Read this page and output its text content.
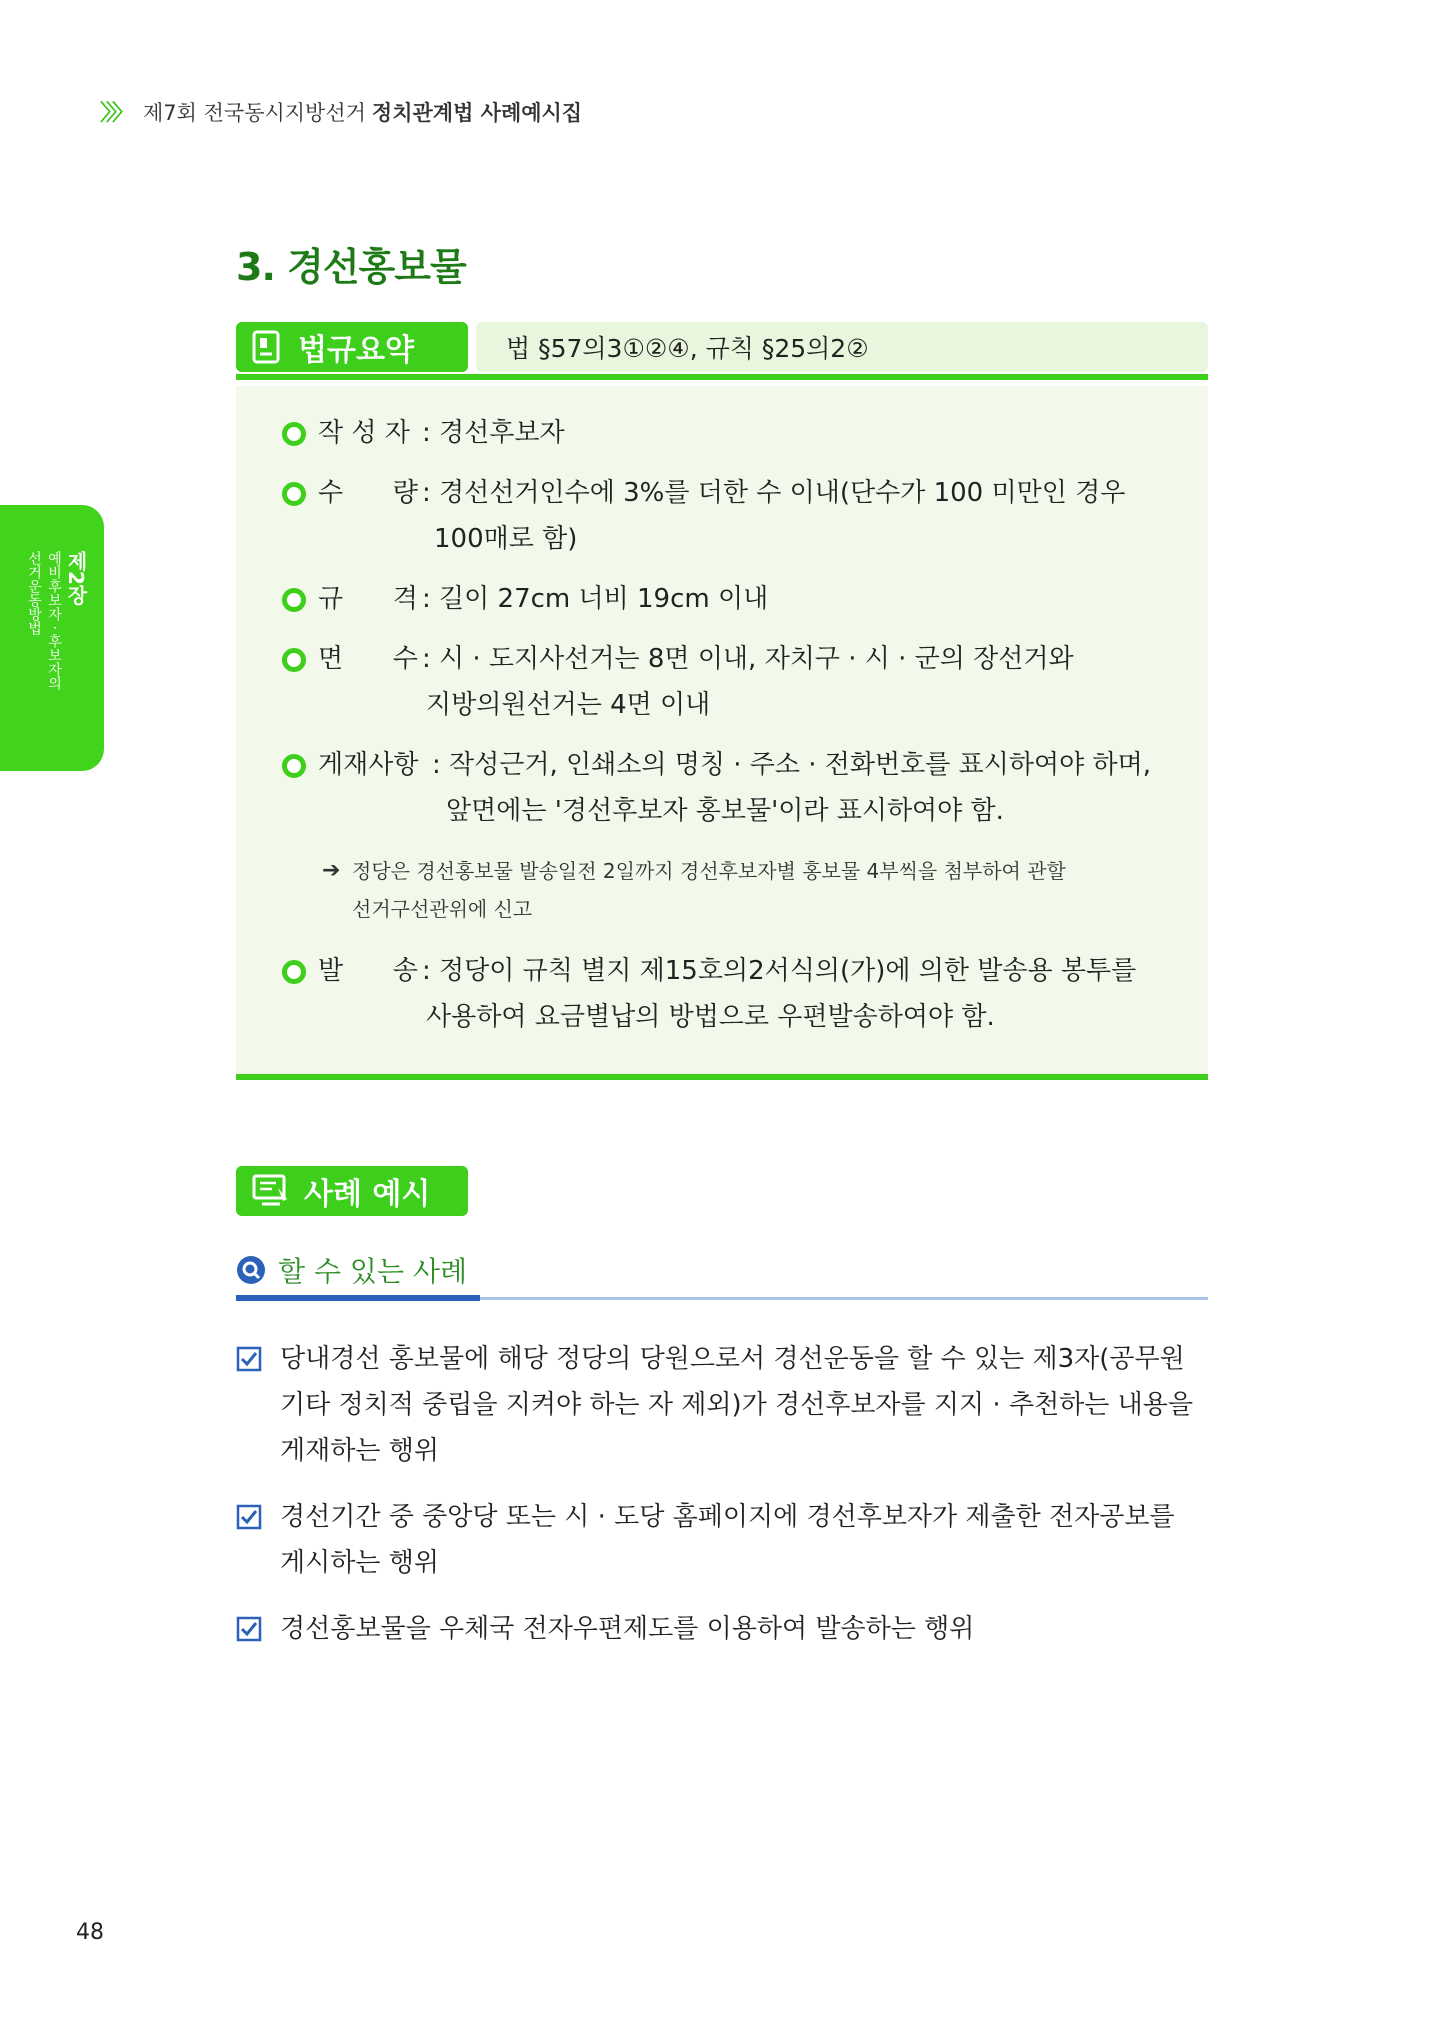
〉〉〉 제7회 전국동시지방선거 정치관계법 사례예시집
제2장
예비후보자 · 후보자의
선거운동방법
3. 경선홍보물
법규요약	법 §57의3①②④, 규칙 §25의2②
작 성 자 : 경선후보자
수      량 : 경선선거인수에 3%를 더한 수 이내(단수가 100 미만인 경우
100매로 함)
규      격 : 길이 27cm 너비 19cm 이내
면      수 : 시 · 도지사선거는 8면 이내, 자치구 · 시 · 군의 장선거와
지방의원선거는 4면 이내
게재사항 : 작성근거, 인쇄소의 명칭 · 주소 · 전화번호를 표시하여야 하며,
앞면에는 '경선후보자 홍보물'이라 표시하여야 함.
➔ 정당은 경선홍보물 발송일전 2일까지 경선후보자별 홍보물 4부씩을 첨부하여 관할
선거구선관위에 신고
발      송 : 정당이 규칙 별지 제15호의2서식의(가)에 의한 발송용 봉투를
사용하여 요금별납의 방법으로 우편발송하여야 함.
사례 예시
할 수 있는 사례
당내경선 홍보물에 해당 정당의 당원으로서 경선운동을 할 수 있는 제3자(공무원
기타 정치적 중립을 지켜야 하는 자 제외)가 경선후보자를 지지 · 추천하는 내용을
게재하는 행위
경선기간 중 중앙당 또는 시 · 도당 홈페이지에 경선후보자가 제출한 전자공보를
게시하는 행위
경선홍보물을 우체국 전자우편제도를 이용하여 발송하는 행위
48
